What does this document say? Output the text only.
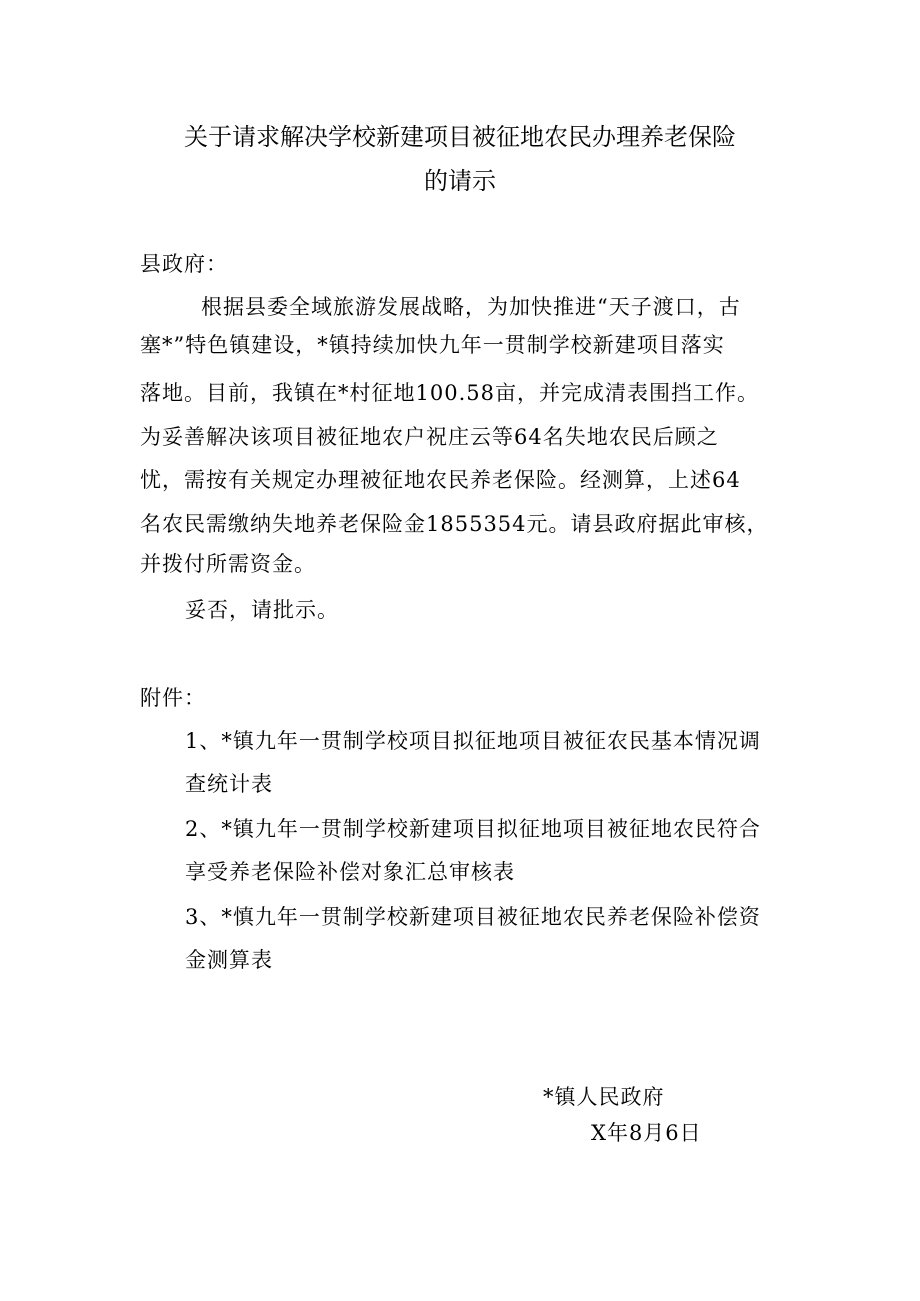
关于请求解决学校新建项目被征地农民办理养老保险
的请示
县政府：
根据县委全域旅游发展战略，为加快推进“天子渡口，古
塞*”特色镇建设，*镇持续加快九年一贯制学校新建项目落实
落地。目前，我镇在*村征地100.58亩，并完成清表围挡工作。
为妥善解决该项目被征地农户祝庄云等64名失地农民后顾之
忧，需按有关规定办理被征地农民养老保险。经测算，上述64
名农民需缴纳失地养老保险金1855354元。请县政府据此审核，
并拨付所需资金。
妥否，请批示。
附件：
1、*镇九年一贯制学校项目拟征地项目被征农民基本情况调
查统计表
2、*镇九年一贯制学校新建项目拟征地项目被征地农民符合
享受养老保险补偿对象汇总审核表
3、*慎九年一贯制学校新建项目被征地农民养老保险补偿资
金测算表
*镇人民政府
X年8月6日
